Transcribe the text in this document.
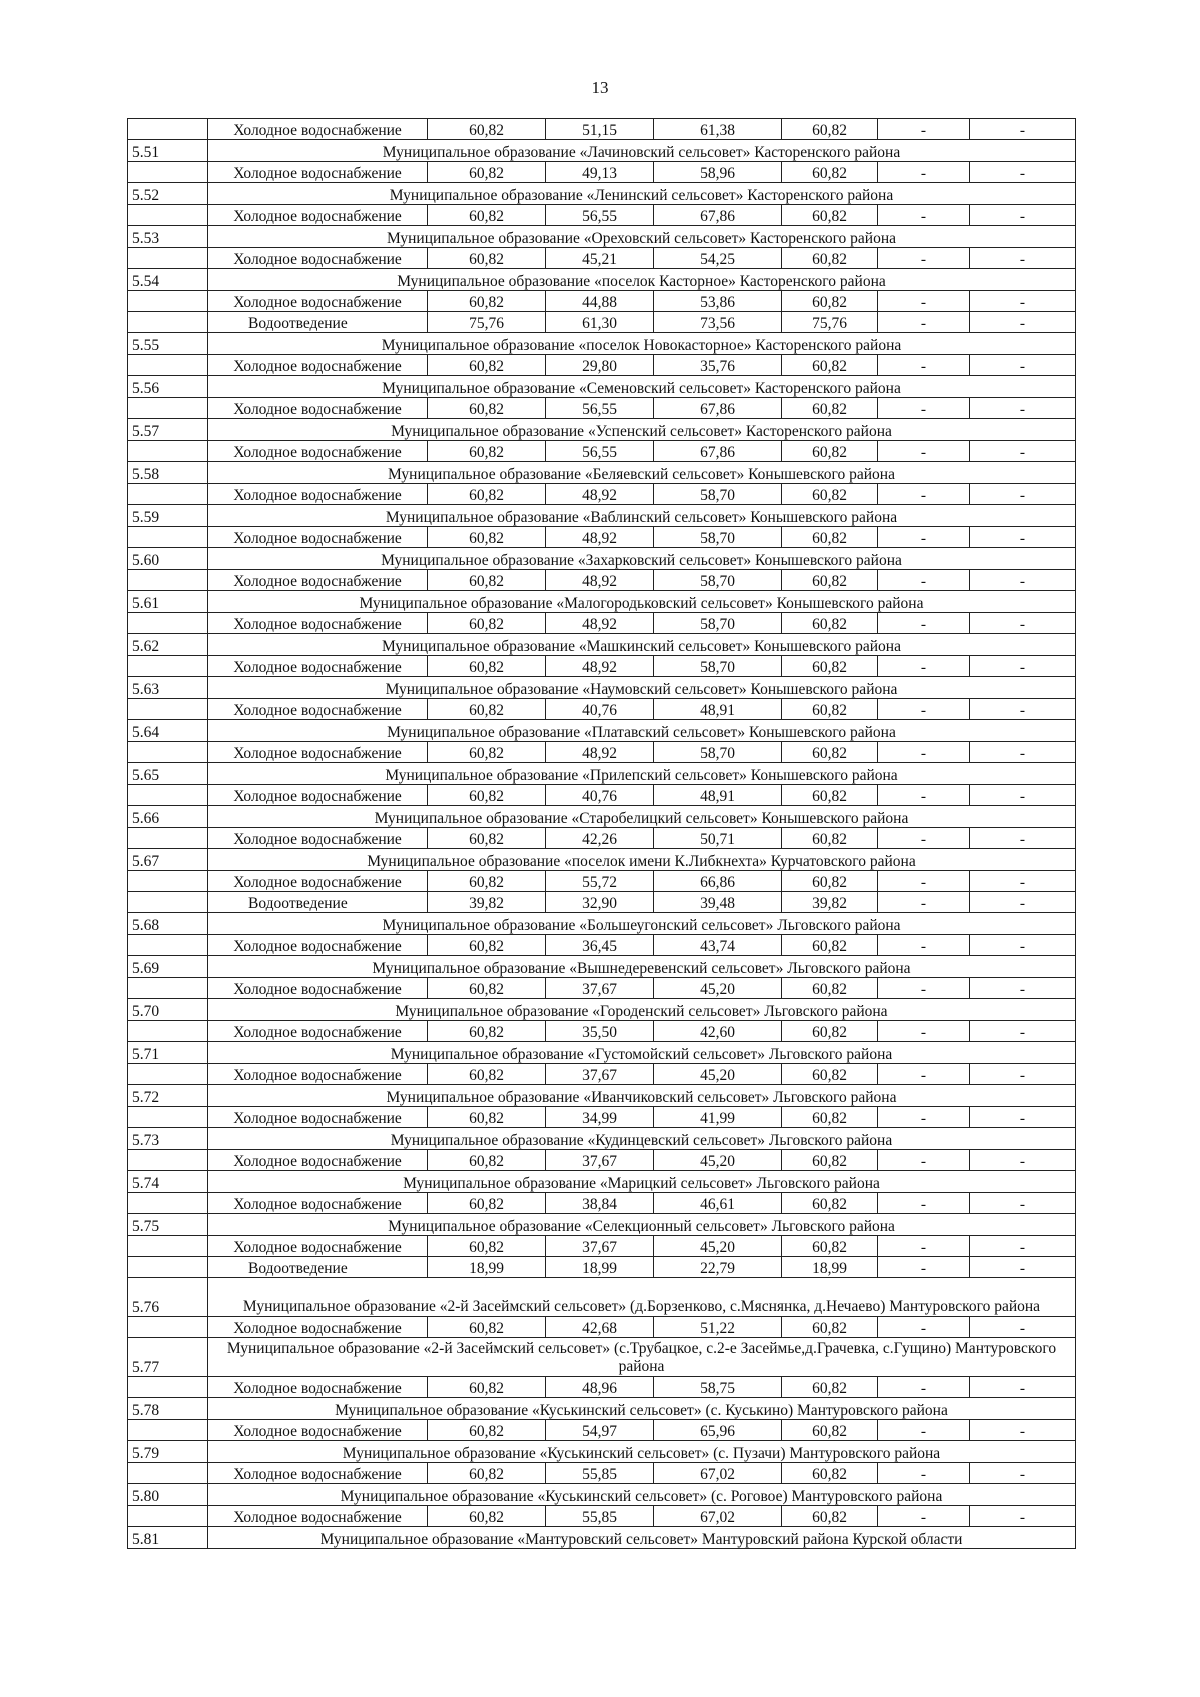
13
	Холодное водоснабжение	60,82	51,15	61,38	60,82	-	-
5.51	Муниципальное образование «Лачиновский сельсовет» Касторенского района						
	Холодное водоснабжение	60,82	49,13	58,96	60,82	-	-
5.52	Муниципальное образование «Ленинский сельсовет» Касторенского района						
	Холодное водоснабжение	60,82	56,55	67,86	60,82	-	-
5.53	Муниципальное образование «Ореховский сельсовет» Касторенского района						
	Холодное водоснабжение	60,82	45,21	54,25	60,82	-	-
5.54	Муниципальное образование «поселок Касторное» Касторенского района						
	Холодное водоснабжение	60,82	44,88	53,86	60,82	-	-
	Водоотведение	75,76	61,30	73,56	75,76	-	-
5.55	Муниципальное образование «поселок Новокасторное» Касторенского района						
	Холодное водоснабжение	60,82	29,80	35,76	60,82	-	-
5.56	Муниципальное образование «Семеновский сельсовет» Касторенского района						
	Холодное водоснабжение	60,82	56,55	67,86	60,82	-	-
5.57	Муниципальное образование «Успенский сельсовет» Касторенского района						
	Холодное водоснабжение	60,82	56,55	67,86	60,82	-	-
5.58	Муниципальное образование «Беляевский сельсовет» Конышевского района						
	Холодное водоснабжение	60,82	48,92	58,70	60,82	-	-
5.59	Муниципальное образование «Ваблинский сельсовет» Конышевского района						
	Холодное водоснабжение	60,82	48,92	58,70	60,82	-	-
5.60	Муниципальное образование «Захарковский сельсовет» Конышевского района						
	Холодное водоснабжение	60,82	48,92	58,70	60,82	-	-
5.61	Муниципальное образование «Малогородьковский сельсовет» Конышевского района						
	Холодное водоснабжение	60,82	48,92	58,70	60,82	-	-
5.62	Муниципальное образование «Машкинский сельсовет» Конышевского района						
	Холодное водоснабжение	60,82	48,92	58,70	60,82	-	-
5.63	Муниципальное образование «Наумовский сельсовет» Конышевского района						
	Холодное водоснабжение	60,82	40,76	48,91	60,82	-	-
5.64	Муниципальное образование «Платавский сельсовет» Конышевского района						
	Холодное водоснабжение	60,82	48,92	58,70	60,82	-	-
5.65	Муниципальное образование «Прилепский сельсовет» Конышевского района						
	Холодное водоснабжение	60,82	40,76	48,91	60,82	-	-
5.66	Муниципальное образование «Старобелицкий сельсовет» Конышевского района						
	Холодное водоснабжение	60,82	42,26	50,71	60,82	-	-
5.67	Муниципальное образование «поселок имени К.Либкнехта» Курчатовского района						
	Холодное водоснабжение	60,82	55,72	66,86	60,82	-	-
	Водоотведение	39,82	32,90	39,48	39,82	-	-
5.68	Муниципальное образование «Большеугонский сельсовет» Льговского района						
	Холодное водоснабжение	60,82	36,45	43,74	60,82	-	-
5.69	Муниципальное образование «Вышнедеревенский сельсовет» Льговского района						
	Холодное водоснабжение	60,82	37,67	45,20	60,82	-	-
5.70	Муниципальное образование «Городенский сельсовет» Льговского района						
	Холодное водоснабжение	60,82	35,50	42,60	60,82	-	-
5.71	Муниципальное образование «Густомойский сельсовет» Льговского района						
	Холодное водоснабжение	60,82	37,67	45,20	60,82	-	-
5.72	Муниципальное образование «Иванчиковский сельсовет» Льговского района						
	Холодное водоснабжение	60,82	34,99	41,99	60,82	-	-
5.73	Муниципальное образование «Кудинцевский сельсовет» Льговского района						
	Холодное водоснабжение	60,82	37,67	45,20	60,82	-	-
5.74	Муниципальное образование «Марицкий сельсовет» Льговского района						
	Холодное водоснабжение	60,82	38,84	46,61	60,82	-	-
5.75	Муниципальное образование «Селекционный сельсовет» Льговского района						
	Холодное водоснабжение	60,82	37,67	45,20	60,82	-	-
	Водоотведение	18,99	18,99	22,79	18,99	-	-
5.76	Муниципальное образование «2-й Засеймский сельсовет» (д.Борзенково, с.Мяснянка, д.Нечаево) Мантуровского района						
	Холодное водоснабжение	60,82	42,68	51,22	60,82	-	-
5.77	Муниципальное образование «2-й Засеймский сельсовет» (с.Трубацкое, с.2-е Засеймье,д.Грачевка, с.Гущино) Мантуровского района						
	Холодное водоснабжение	60,82	48,96	58,75	60,82	-	-
5.78	Муниципальное образование «Куськинский сельсовет» (с. Куськино) Мантуровского района						
	Холодное водоснабжение	60,82	54,97	65,96	60,82	-	-
5.79	Муниципальное образование «Куськинский сельсовет» (с. Пузачи) Мантуровского района						
	Холодное водоснабжение	60,82	55,85	67,02	60,82	-	-
5.80	Муниципальное образование «Куськинский сельсовет» (с. Роговое) Мантуровского района						
	Холодное водоснабжение	60,82	55,85	67,02	60,82	-	-
5.81	Муниципальное образование «Мантуровский сельсовет» Мантуровский района Курской области						
